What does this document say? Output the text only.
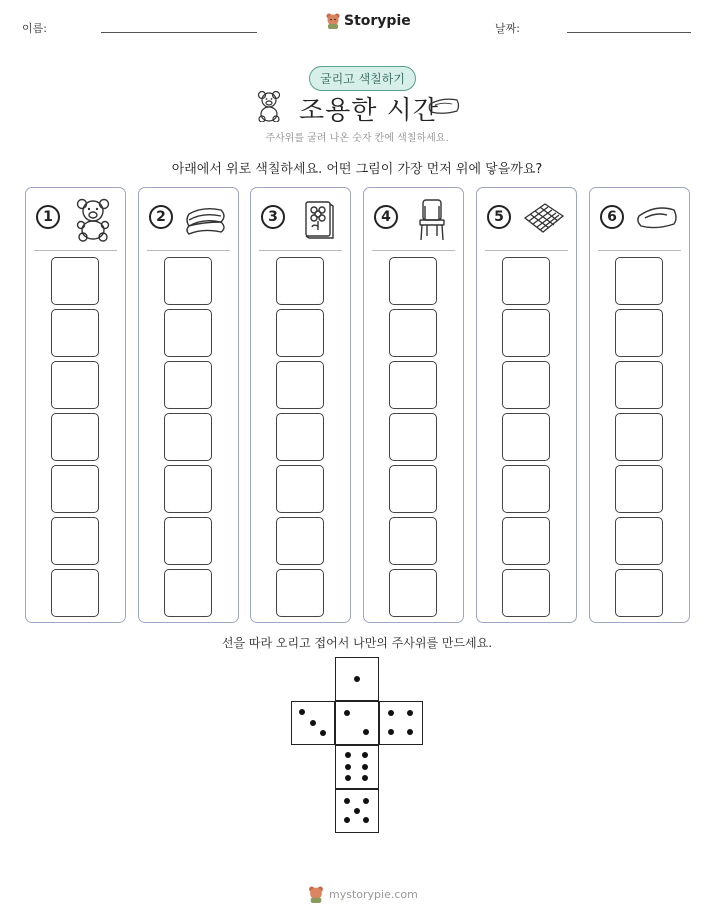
이름:	Storypie	날짜:
굴리고 색칠하기
조용한 시간
주사위를 굴려 나온 숫자 칸에 색칠하세요.
아래에서 위로 색칠하세요. 어떤 그림이 가장 먼저 위에 닿을까요?
1	2	3	4	5	6
선을 따라 오리고 접어서 나만의 주사위를 만드세요.
mystorypie.com
